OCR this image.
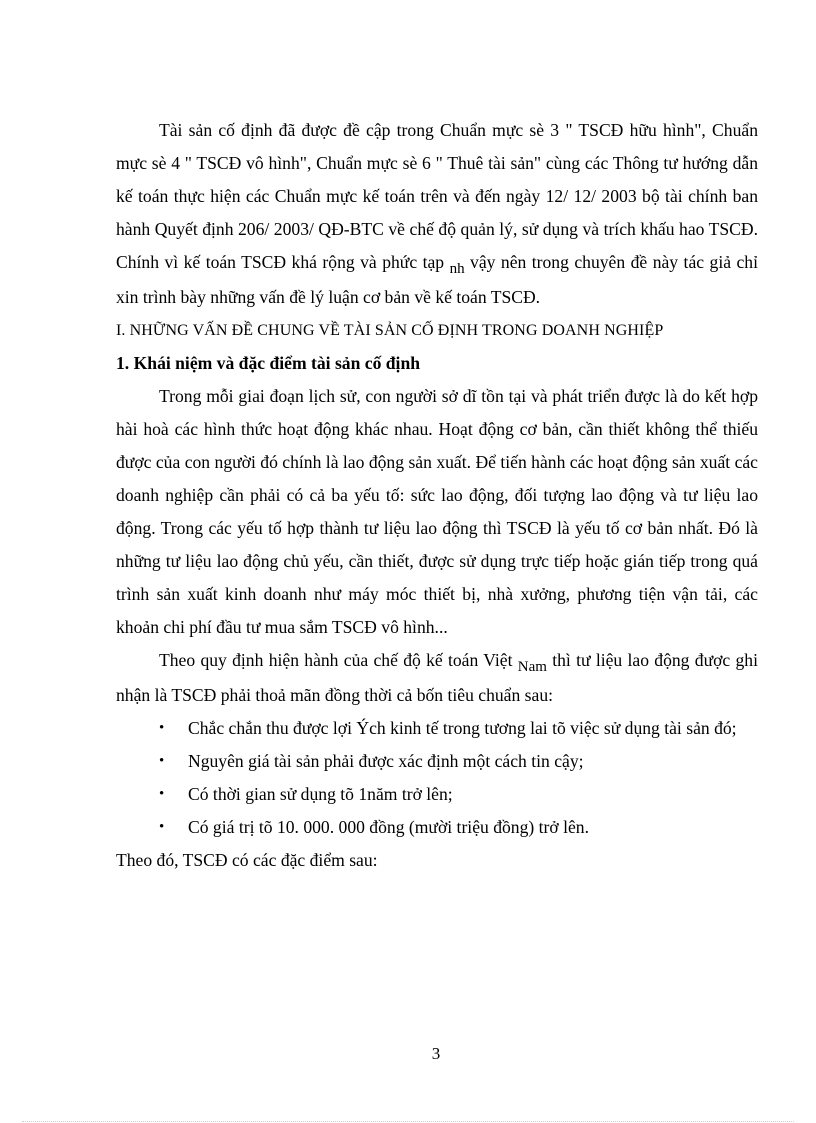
Tài sản cố định đã được đề cập trong Chuẩn mực sè 3 " TSCĐ hữu hình", Chuẩn mực sè 4 " TSCĐ vô hình", Chuẩn mực sè 6 " Thuê tài sản" cùng các Thông tư hướng dẫn kế toán thực hiện các Chuẩn mực kế toán trên và đến ngày 12/ 12/ 2003 bộ tài chính ban hành Quyết định 206/ 2003/ QĐ-BTC về chế độ quản lý, sử dụng và trích khấu hao TSCĐ. Chính vì kế toán TSCĐ khá rộng và phức tạp nh vậy nên trong chuyên đề này tác giả chỉ xin trình bày những vấn đề lý luận cơ bản về kế toán TSCĐ.

I. NHỮNG VẤN ĐỀ CHUNG VỀ TÀI SẢN CỐ ĐỊNH TRONG DOANH NGHIỆP

1. Khái niệm và đặc điểm tài sản cố định

Trong mỗi giai đoạn lịch sử, con người sở dĩ tồn tại và phát triển được là do kết hợp hài hoà các hình thức hoạt động khác nhau. Hoạt động cơ bản, cần thiết không thể thiếu được của con người đó chính là lao động sản xuất. Để tiến hành các hoạt động sản xuất các doanh nghiệp cần phải có cả ba yếu tố: sức lao động, đối tượng lao động và tư liệu lao động. Trong các yếu tố hợp thành tư liệu lao động thì TSCĐ là yếu tố cơ bản nhất. Đó là những tư liệu lao động chủ yếu, cần thiết, được sử dụng trực tiếp hoặc gián tiếp trong quá trình sản xuất kinh doanh như máy móc thiết bị, nhà xưởng, phương tiện vận tải, các khoản chi phí đầu tư mua sắm TSCĐ vô hình...

Theo quy định hiện hành của chế độ kế toán Việt Nam thì tư liệu lao động được ghi nhận là TSCĐ phải thoả mãn đồng thời cả bốn tiêu chuẩn sau:

• Chắc chắn thu được lợi Ých kinh tế trong tương lai tõ việc sử dụng tài sản đó;
• Nguyên giá tài sản phải được xác định một cách tin cậy;
• Có thời gian sử dụng tõ 1năm trở lên;
• Có giá trị tõ 10. 000. 000 đồng (mười triệu đồng) trở lên.

Theo đó, TSCĐ có các đặc điểm sau:

3
